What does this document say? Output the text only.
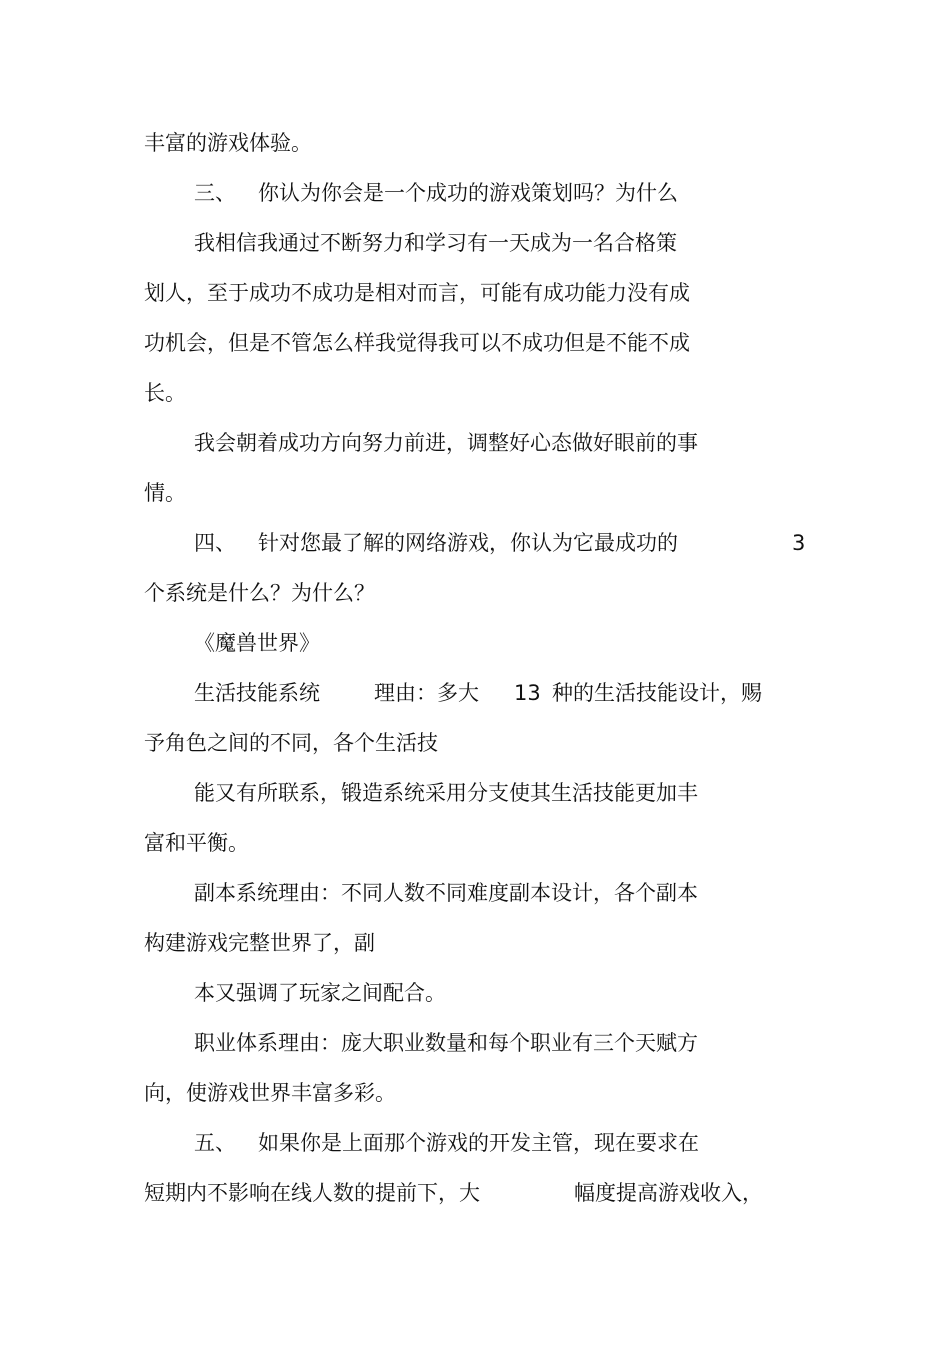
丰富的游戏体验。
三、 你认为你会是一个成功的游戏策划吗？为什么
我相信我通过不断努力和学习有一天成为一名合格策
划人，至于成功不成功是相对而言，可能有成功能力没有成
功机会，但是不管怎么样我觉得我可以不成功但是不能不成
长。
我会朝着成功方向努力前进，调整好心态做好眼前的事
情。
四、 针对您最了解的网络游戏，你认为它最成功的	3
个系统是什么？为什么？
《魔兽世界》
生活技能系统	理由：多大 13 种的生活技能设计，赐
予角色之间的不同，各个生活技
能又有所联系，锻造系统采用分支使其生活技能更加丰
富和平衡。
副本系统理由：不同人数不同难度副本设计，各个副本
构建游戏完整世界了，副
本又强调了玩家之间配合。
职业体系理由：庞大职业数量和每个职业有三个天赋方
向，使游戏世界丰富多彩。
五、 如果你是上面那个游戏的开发主管，现在要求在
短期内不影响在线人数的提前下，大	幅度提高游戏收入，
